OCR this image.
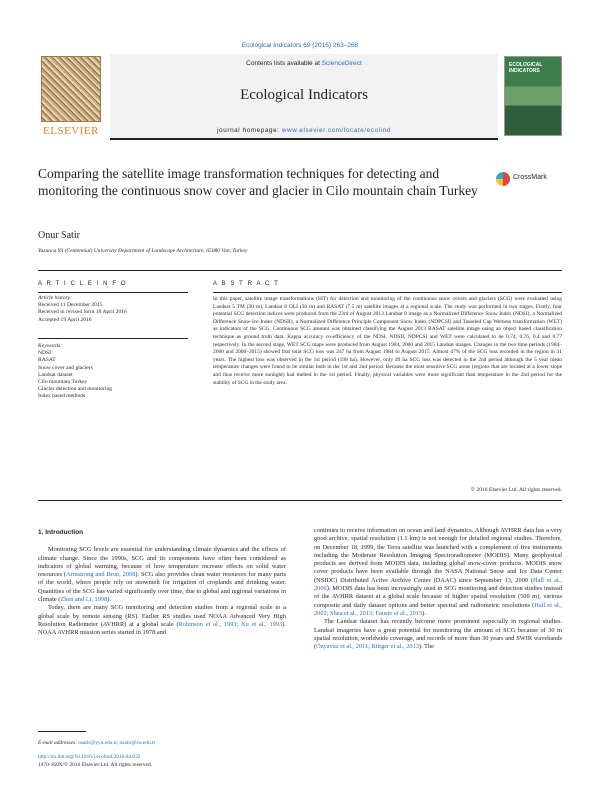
Ecological Indicators 69 (2016) 263–268
ELSEVIER
Contents lists available at ScienceDirect
Ecological Indicators
journal homepage: www.elsevier.com/locate/ecolind
ECOLOGICAL INDICATORS
Comparing the satellite image transformation techniques for detecting and monitoring the continuous snow cover and glacier in Cilo mountain chain Turkey
CrossMark
Onur Satir
Yuzuncu Yil (Centennial) University Department of Landscape Architecture, 65080 Van, Turkey
A R T I C L E I N F O	A B S T R A C T
Article history:
Received 11 December 2015
Received in revised form 18 April 2016
Accepted 19 April 2016
Keywords:
NDSI
RASAT
Snow cover and glaciers
Landsat dataset
Cilo mountain Turkey
Glacier detection and monitoring
Index based methods
In this paper, satellite image transformations (SIT) for detection and monitoring of the continuous snow covers and glaciers (SCG) were evaluated using Landsat 5 TM (30 m), Landsat 8 OLI (30 m) and RASAT (7.5 m) satellite images at a regional scale. The study was performed in two stages. Firstly, four potential SCG detection indices were produced from the 23rd of August 2013 Landsat 8 image as a Normalized Difference Snow Index (NDSI), a Normalized Difference Snow-Ice Index (NDSII), a Normalized Difference Principle Component Snow Index (NDPCSI) and Tasseled Cap Wetness transformation (WET) as indicators of the SCG. Continuous SCG amount was obtained classifying the August 2013 RASAT satellite image using an object based classification technique as ground truth data. Kappa accuracy co-efficiency of the NDSI, NDSII, NDPCSI and WET were calculated to be 0.74, 0.76, 0.4 and 0.77 respectively. In the second stage, WET SCG maps were produced from August 1984, 2000 and 2015 Landsat images. Changes in the two time periods (1984–2000 and 2000–2015) showed that total SCG loss was 247 ha from August 1984 to August 2015. Almost 47% of the SCG loss recorded in the region in 31 years. The highest loss was observed in the 1st period (198 ha). However, only 49 ha SCG loss was detected in the 2nd period although the 5 year mean temperature changes were found to be similar both in the 1st and 2nd period. Because the most sensitive SCG areas (regions that are located at a lower slope and thus receive more sunlight) had melted in the 1st period. Finally, physical variables were more significant than temperature in the 2nd period for the stability of SCG in the study area.
© 2016 Elsevier Ltd. All rights reserved.
1. Introduction

Monitoring SCG levels are essential for understanding climate dynamics and the effects of climate change. Since the 1990s, SCG and its components have often been considered as indicators of global warming, because of how temperature increase effects on solid water resources (Armstrong and Brun, 2008). SCG also provides clean water resources for many parts of the world, where people rely on snowmelt for irrigation of croplands and drinking water. Quantities of the SCG has varied significantly over time, due to global and regional variations in climate (Zhen and Li, 1998).

Today, there are many SCG monitoring and detection studies from a regional scale to a global scale by remote sensing (RS). Earlier RS studies used NOAA Advanced Very High Resolution Radiometer (AVHRR) at a global scale (Robinson et al., 1993; Xu et al., 1993). NOAA AVHRR mission series started in 1978 and

continues to receive information on ocean and land dynamics. Although AVHRR data has a very good archive, spatial resolution (1.1 km) is not enough for detailed regional studies. Therefore, on December 18, 1999, the Terra satellite was launched with a complement of five instruments including the Moderate Resolution Imaging Spectroradiometer (MODIS). Many geophysical products are derived from MODIS data, including global snow-cover products. MODIS snow cover products have been available through the NASA National Snow and Ice Data Center (NSIDC) Distributed Active Archive Center (DAAC) since September 13, 2000 (Hall et al., 2006). MODIS data has been increasingly used in SCG monitoring and detection studies instead of the AVHRR dataset at a global scale because of higher spatial resolution (500 m), various composite and daily dataset options and better spectral and radiometric resolutions (Hall et al., 2002; Shea et al., 2013; Fausto et al., 2015).

The Landsat dataset has recently become more prominent especially in regional studies. Landsat imageries have a great potential for monitoring the amount of SCG because of 30 m spatial resolution, worldwide coverage, and records of more than 30 years and SWIR wavebands (Özyavuz et al., 2011; Rittger et al., 2013). The

E-mail addresses: osatir@yyu.edu.tr, osatir@cu.edu.tr
http://dx.doi.org/10.1016/j.ecolind.2016.04.032
1470-160X/© 2016 Elsevier Ltd. All rights reserved.
